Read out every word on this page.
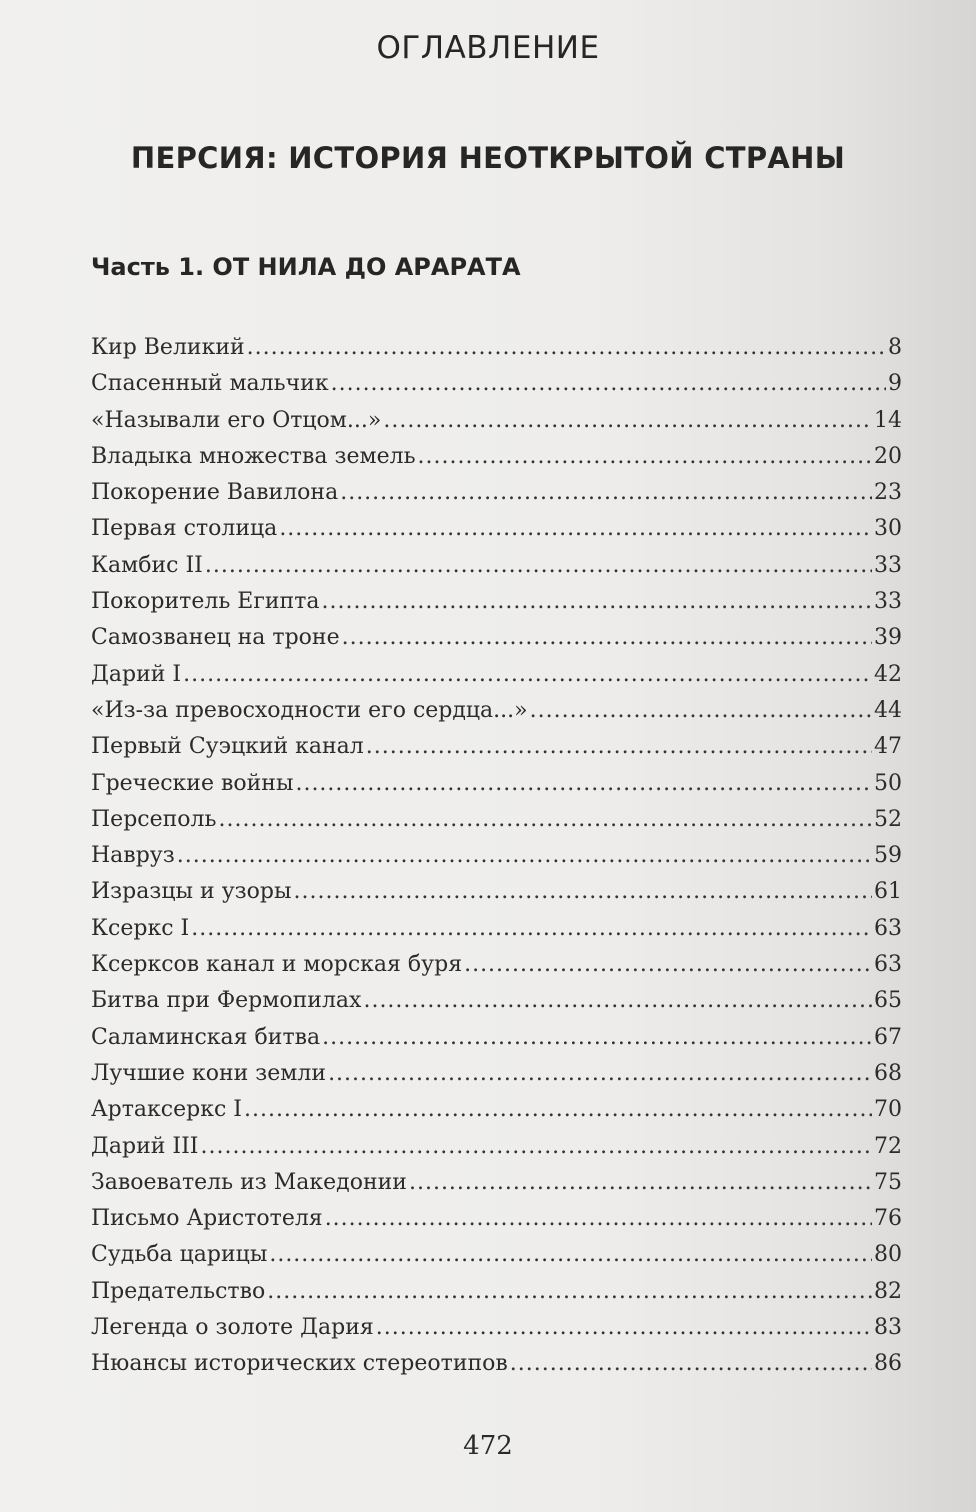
ОГЛАВЛЕНИЕ
ПЕРСИЯ: ИСТОРИЯ НЕОТКРЫТОЙ СТРАНЫ
Часть 1. ОТ НИЛА ДО АРАРАТА
Кир Великий .....	8
Спасенный мальчик .....	9
«Называли его Отцом...» .....	14
Владыка множества земель .....	20
Покорение Вавилона .....	23
Первая столица .....	30
Камбис II .....	33
Покоритель Египта .....	33
Самозванец на троне .....	39
Дарий I .....	42
«Из-за превосходности его сердца...» .....	44
Первый Суэцкий канал .....	47
Греческие войны .....	50
Персеполь .....	52
Навруз .....	59
Изразцы и узоры .....	61
Ксеркс I .....	63
Ксерксов канал и морская буря .....	63
Битва при Фермопилах .....	65
Саламинская битва .....	67
Лучшие кони земли .....	68
Артаксеркс I .....	70
Дарий III .....	72
Завоеватель из Македонии .....	75
Письмо Аристотеля .....	76
Судьба царицы .....	80
Предательство .....	82
Легенда о золоте Дария .....	83
Нюансы исторических стереотипов .....	86
472
